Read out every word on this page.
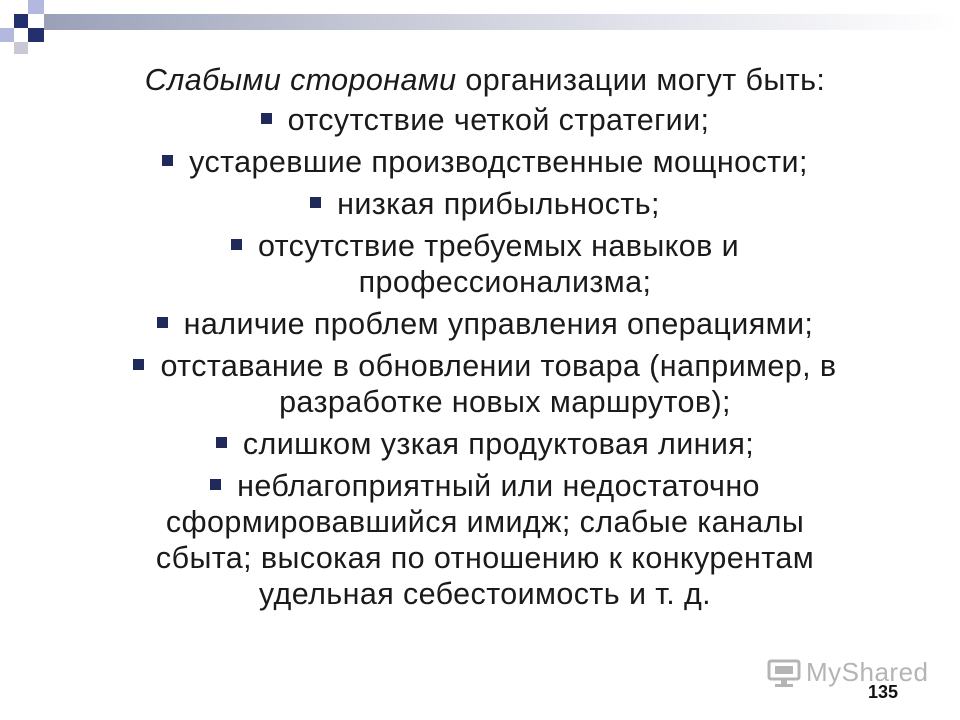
Слабыми сторонами организации могут быть:
отсутствие четкой стратегии;
устаревшие производственные мощности;
низкая прибыльность;
отсутствие требуемых навыков и
профессионализма;
наличие проблем управления операциями;
отставание в обновлении товара (например, в
разработке новых маршрутов);
слишком узкая продуктовая линия;
неблагоприятный или недостаточно
сформировавшийся имидж; слабые каналы
сбыта; высокая по отношению к конкурентам
удельная себестоимость и т. д.
MyShared
135
